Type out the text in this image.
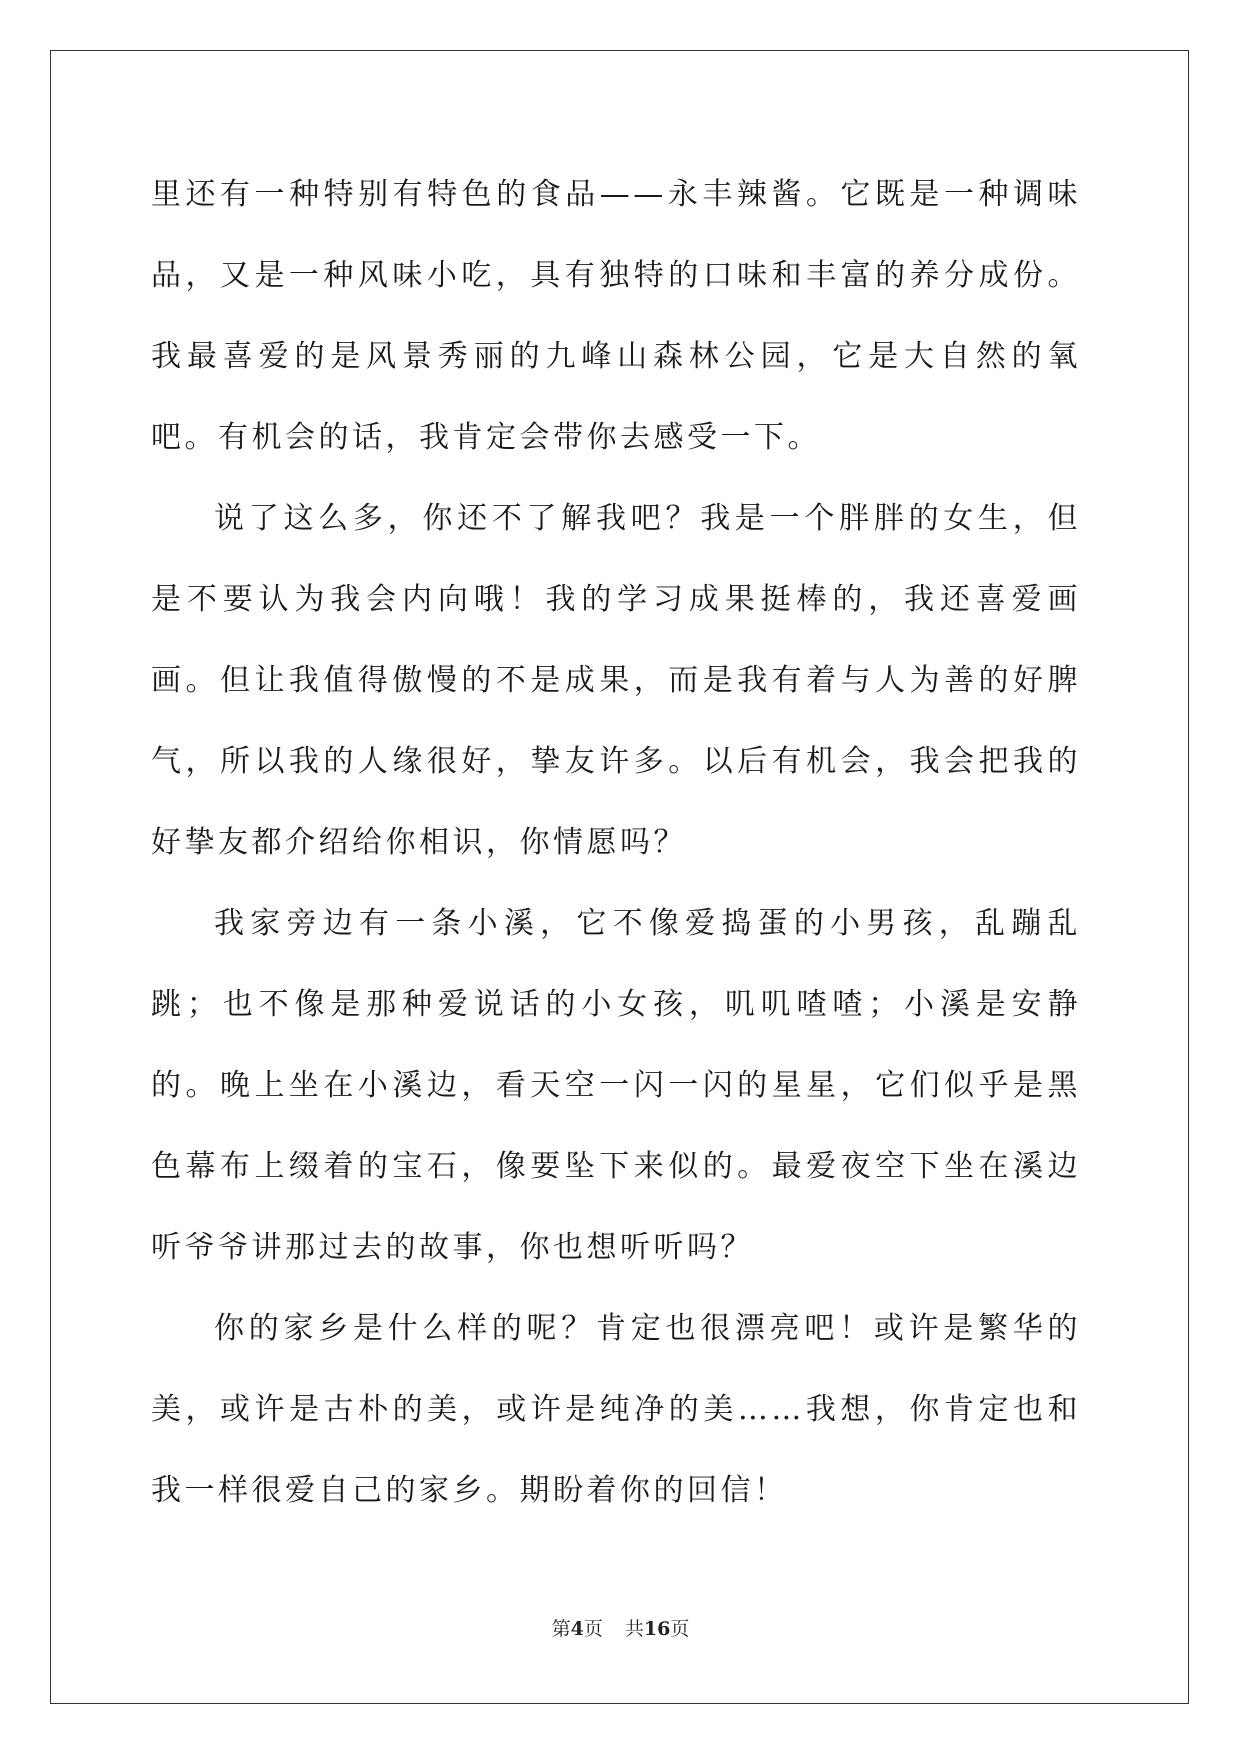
里还有一种特别有特色的食品——永丰辣酱。它既是一种调味品，又是一种风味小吃，具有独特的口味和丰富的养分成份。我最喜爱的是风景秀丽的九峰山森林公园，它是大自然的氧吧。有机会的话，我肯定会带你去感受一下。

说了这么多，你还不了解我吧？我是一个胖胖的女生，但是不要认为我会内向哦！我的学习成果挺棒的，我还喜爱画画。但让我值得傲慢的不是成果，而是我有着与人为善的好脾气，所以我的人缘很好，挚友许多。以后有机会，我会把我的好挚友都介绍给你相识，你情愿吗？

我家旁边有一条小溪，它不像爱捣蛋的小男孩，乱蹦乱跳；也不像是那种爱说话的小女孩，叽叽喳喳；小溪是安静的。晚上坐在小溪边，看天空一闪一闪的星星，它们似乎是黑色幕布上缀着的宝石，像要坠下来似的。最爱夜空下坐在溪边听爷爷讲那过去的故事，你也想听听吗？

你的家乡是什么样的呢？肯定也很漂亮吧！或许是繁华的美，或许是古朴的美，或许是纯净的美……我想，你肯定也和我一样很爱自己的家乡。期盼着你的回信！

第4页 共16页
